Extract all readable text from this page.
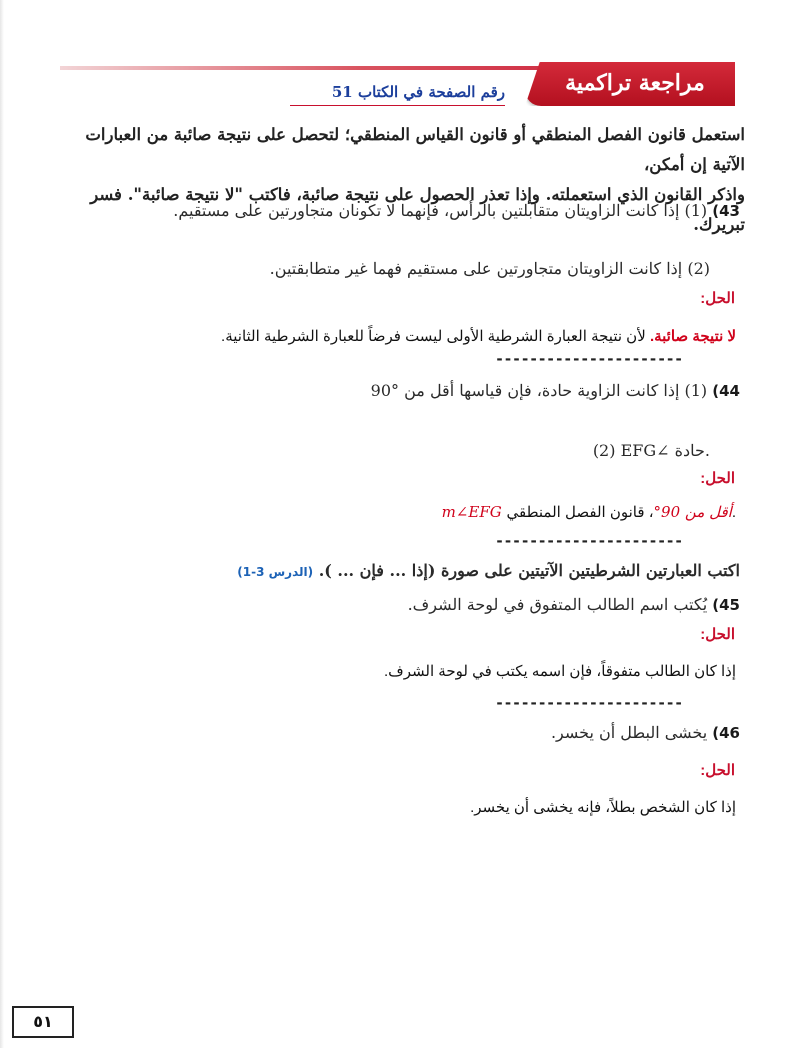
مراجعة تراكمية
رقم الصفحة في الكتاب 51
استعمل قانون الفصل المنطقي أو قانون القياس المنطقي؛ لتحصل على نتيجة صائبة من العبارات الآتية إن أمكن،
واذكر القانون الذي استعملته. وإذا تعذر الحصول على نتيجة صائبة، فاكتب "لا نتيجة صائبة". فسر تبريرك.
43) (1) إذا كانت الزاويتان متقابلتين بالرأس، فإنهما لا تكونان متجاورتين على مستقيم.
(2) إذا كانت الزاويتان متجاورتين على مستقيم فهما غير متطابقتين.
الحل:
لا نتيجة صائبة. لأن نتيجة العبارة الشرطية الأولى ليست فرضاً للعبارة الشرطية الثانية.
----------------------
44) (1) إذا كانت الزاوية حادة، فإن قياسها أقل من °90
(2) EFG∠ حادة.
الحل:
m∠EFG أقل من 90°، قانون الفصل المنطقي.
----------------------
اكتب العبارتين الشرطيتين الآتيتين على صورة (إذا ... فإن ... ). (الدرس 3-1)
45) يُكتب اسم الطالب المتفوق في لوحة الشرف.
الحل:
إذا كان الطالب متفوقاً، فإن اسمه يكتب في لوحة الشرف.
----------------------
46) يخشى البطل أن يخسر.
الحل:
إذا كان الشخص بطلاً، فإنه يخشى أن يخسر.
٥١
